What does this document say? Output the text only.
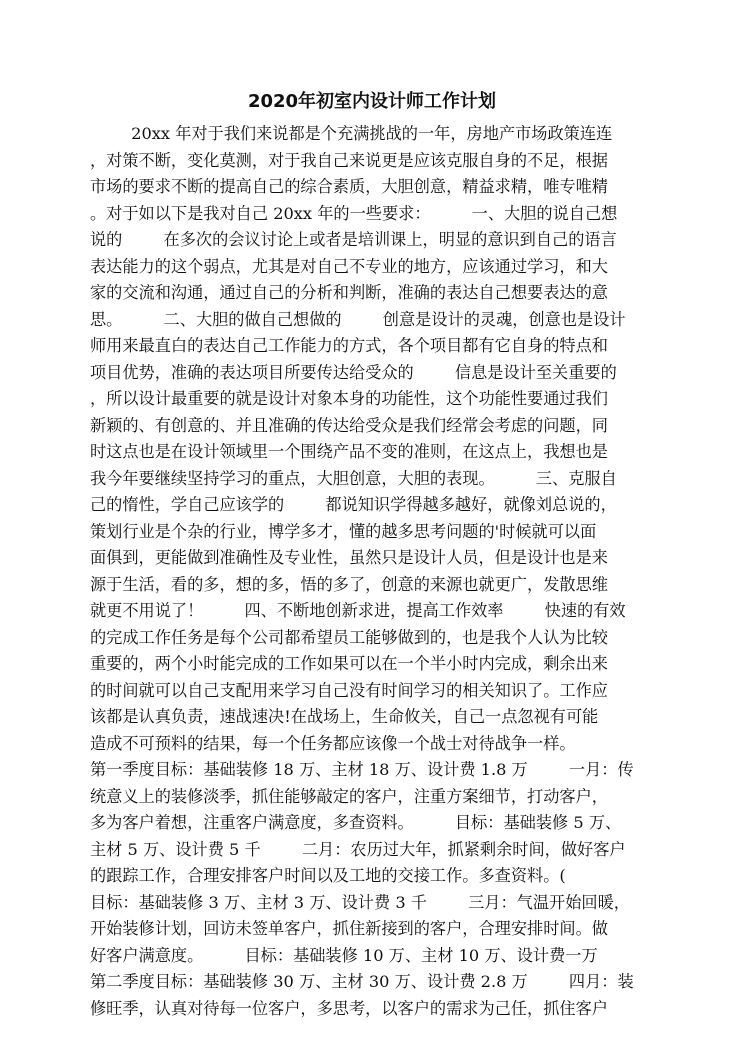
2020年初室内设计师工作计划
20xx 年对于我们来说都是个充满挑战的一年，房地产市场政策连连
，对策不断，变化莫测，对于我自己来说更是应该克服自身的不足，根据
市场的要求不断的提高自己的综合素质，大胆创意，精益求精，唯专唯精
。对于如以下是我对自己 20xx 年的一些要求：        一、大胆的说自己想
说的        在多次的会议讨论上或者是培训课上，明显的意识到自己的语言
表达能力的这个弱点，尤其是对自己不专业的地方，应该通过学习，和大
家的交流和沟通，通过自己的分析和判断，准确的表达自己想要表达的意
思。        二、大胆的做自己想做的        创意是设计的灵魂，创意也是设计
师用来最直白的表达自己工作能力的方式，各个项目都有它自身的特点和
项目优势，准确的表达项目所要传达给受众的        信息是设计至关重要的
，所以设计最重要的就是设计对象本身的功能性，这个功能性要通过我们
新颖的、有创意的、并且准确的传达给受众是我们经常会考虑的问题，同
时这点也是在设计领域里一个围绕产品不变的准则，在这点上，我想也是
我今年要继续坚持学习的重点，大胆创意，大胆的表现。        三、克服自
己的惰性，学自己应该学的        都说知识学得越多越好，就像刘总说的，
策划行业是个杂的行业，博学多才，懂的越多思考问题的'时候就可以面
面俱到，更能做到准确性及专业性，虽然只是设计人员，但是设计也是来
源于生活，看的多，想的多，悟的多了，创意的来源也就更广，发散思维
就更不用说了！        四、不断地创新求进，提高工作效率        快速的有效
的完成工作任务是每个公司都希望员工能够做到的，也是我个人认为比较
重要的，两个小时能完成的工作如果可以在一个半小时内完成，剩余出来
的时间就可以自己支配用来学习自己没有时间学习的相关知识了。工作应
该都是认真负责，速战速决!在战场上，生命攸关，自己一点忽视有可能
造成不可预料的结果，每一个任务都应该像一个战士对待战争一样。
第一季度目标：基础装修 18 万、主材 18 万、设计费 1.8 万        一月：传
统意义上的装修淡季，抓住能够敲定的客户，注重方案细节，打动客户，
多为客户着想，注重客户满意度，多查资料。        目标：基础装修 5 万、
主材 5 万、设计费 5 千        二月：农历过大年，抓紧剩余时间，做好客户
的跟踪工作，合理安排客户时间以及工地的交接工作。多查资料。(
目标：基础装修 3 万、主材 3 万、设计费 3 千        三月：气温开始回暖，
开始装修计划，回访未签单客户，抓住新接到的客户，合理安排时间。做
好客户满意度。        目标：基础装修 10 万、主材 10 万、设计费一万
第二季度目标：基础装修 30 万、主材 30 万、设计费 2.8 万        四月：装
修旺季，认真对待每一位客户，多思考，以客户的需求为己任，抓住客户
